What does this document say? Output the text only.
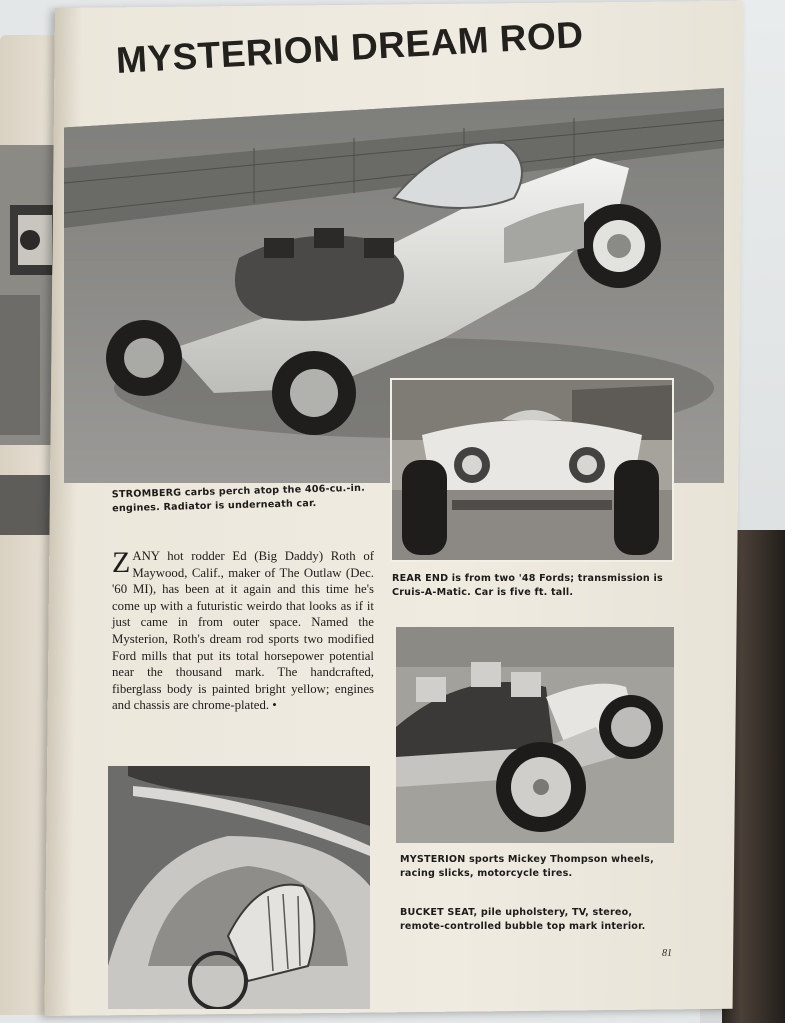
MYSTERION DREAM ROD
STROMBERG carbs perch atop the 406-cu.-in. engines. Radiator is underneath car.
ZANY hot rodder Ed (Big Daddy) Roth of Maywood, Calif., maker of The Outlaw (Dec. '60 MI), has been at it again and this time he's come up with a futuristic weirdo that looks as if it just came in from outer space. Named the Mysterion, Roth's dream rod sports two modified Ford mills that put its total horsepower potential near the thousand mark. The handcrafted, fiberglass body is painted bright yellow; engines and chassis are chrome-plated. •
REAR END is from two '48 Fords; transmission is Cruis-A-Matic. Car is five ft. tall.
MYSTERION sports Mickey Thompson wheels, racing slicks, motorcycle tires.
BUCKET SEAT, pile upholstery, TV, stereo, remote-controlled bubble top mark interior.
81
